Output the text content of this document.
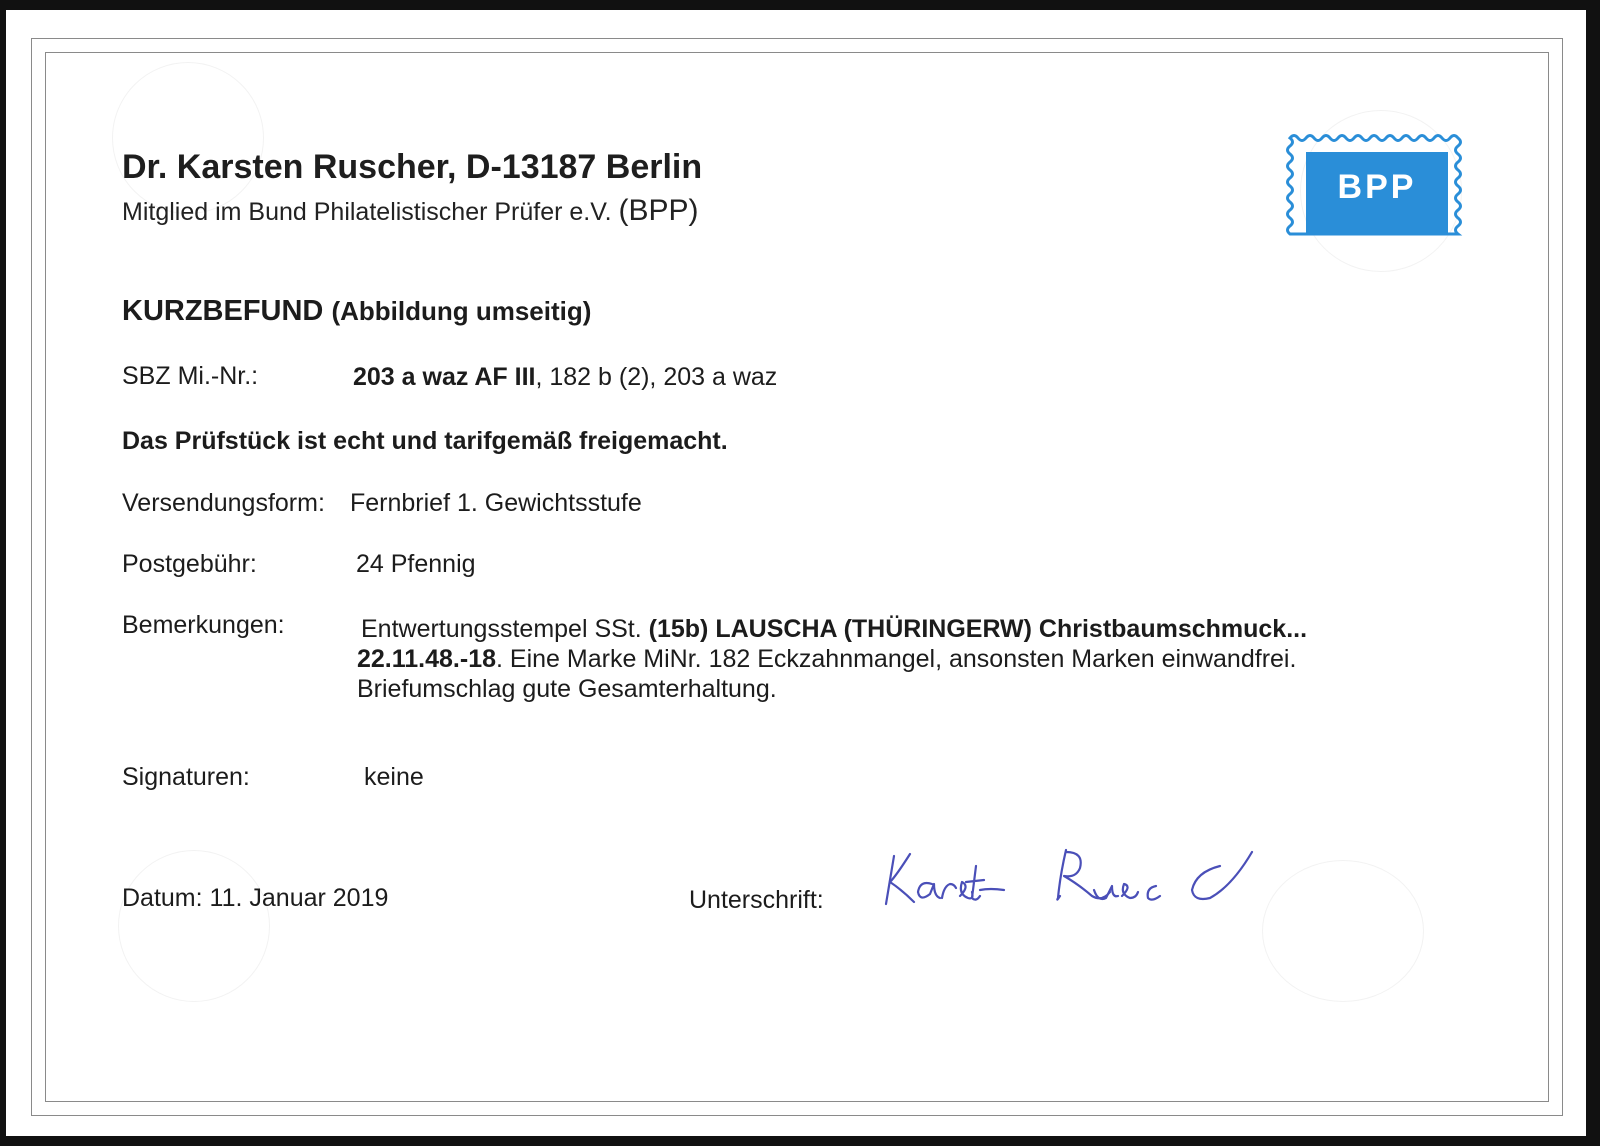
Dr. Karsten Ruscher, D-13187 Berlin
Mitglied im Bund Philatelistischer Prüfer e.V. (BPP)
BPP
KURZBEFUND (Abbildung umseitig)
SBZ Mi.-Nr.:	203 a waz AF III, 182 b (2), 203 a waz
Das Prüfstück ist echt und tarifgemäß freigemacht.
Versendungsform: Fernbrief 1. Gewichtsstufe
Postgebühr:	24 Pfennig
Bemerkungen:	Entwertungsstempel SSt. (15b) LAUSCHA (THÜRINGERW) Christbaumschmuck...
22.11.48.-18. Eine Marke MiNr. 182 Eckzahnmangel, ansonsten Marken einwandfrei.
Briefumschlag gute Gesamterhaltung.
Signaturen:	keine
Datum: 11. Januar 2019	Unterschrift:
